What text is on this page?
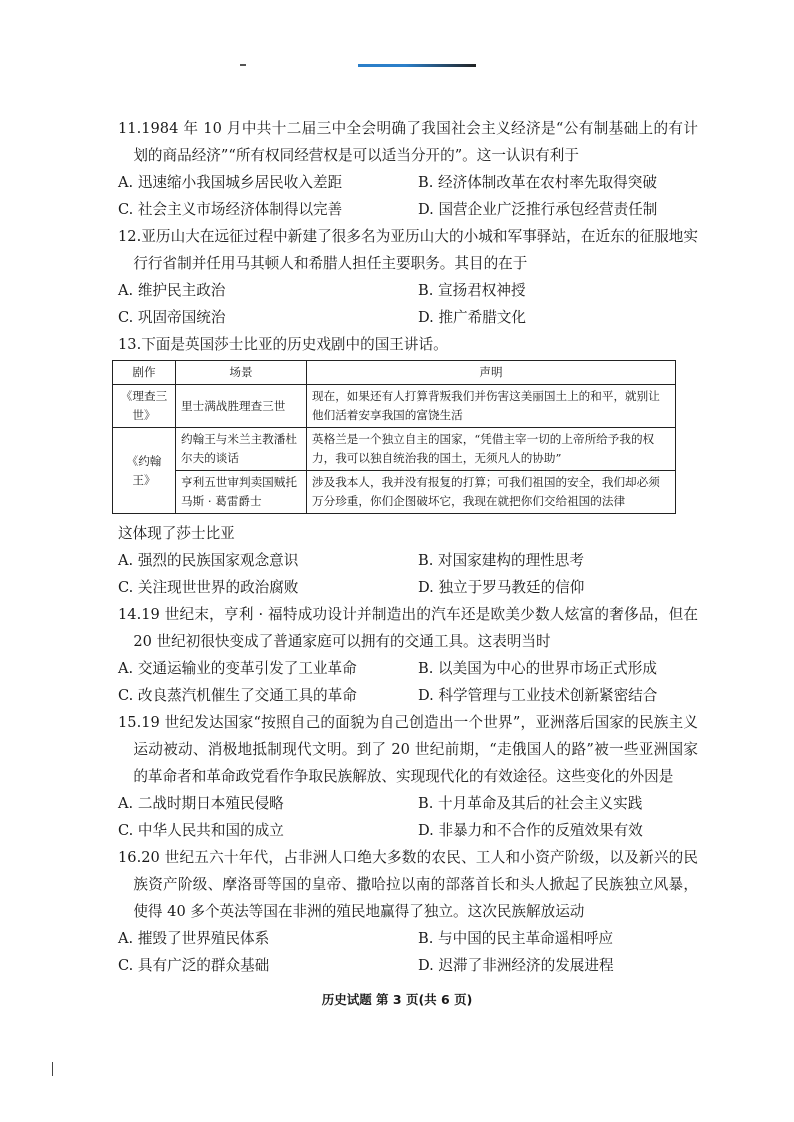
11.1984 年 10 月中共十二届三中全会明确了我国社会主义经济是“公有制基础上的有计划的商品经济”“所有权同经营权是可以适当分开的”。这一认识有利于

A. 迅速缩小我国城乡居民收入差距	B. 经济体制改革在农村率先取得突破
C. 社会主义市场经济体制得以完善	D. 国营企业广泛推行承包经营责任制

12.亚历山大在远征过程中新建了很多名为亚历山大的小城和军事驿站，在近东的征服地实行行省制并任用马其顿人和希腊人担任主要职务。其目的在于

A. 维护民主政治	B. 宣扬君权神授
C. 巩固帝国统治	D. 推广希腊文化

13.下面是英国莎士比亚的历史戏剧中的国王讲话。

剧作	场景	声明
《理查三世》	里士满战胜理查三世	现在，如果还有人打算背叛我们并伤害这美丽国土上的和平，就别让他们活着安享我国的富饶生活
《约翰王》	约翰王与米兰主教潘杜尔夫的谈话	英格兰是一个独立自主的国家，“凭借主宰一切的上帝所给予我的权力，我可以独自统治我的国土，无须凡人的协助”
	亨利五世审判卖国贼托马斯 · 葛雷爵士	涉及我本人，我并没有报复的打算；可我们祖国的安全，我们却必须万分珍重，你们企图破坏它，我现在就把你们交给祖国的法律

这体现了莎士比亚

A. 强烈的民族国家观念意识	B. 对国家建构的理性思考
C. 关注现世世界的政治腐败	D. 独立于罗马教廷的信仰

14.19 世纪末，亨利 · 福特成功设计并制造出的汽车还是欧美少数人炫富的奢侈品，但在 20 世纪初很快变成了普通家庭可以拥有的交通工具。这表明当时

A. 交通运输业的变革引发了工业革命	B. 以美国为中心的世界市场正式形成
C. 改良蒸汽机催生了交通工具的革命	D. 科学管理与工业技术创新紧密结合

15.19 世纪发达国家“按照自己的面貌为自己创造出一个世界”，亚洲落后国家的民族主义运动被动、消极地抵制现代文明。到了 20 世纪前期，“走俄国人的路”被一些亚洲国家的革命者和革命政党看作争取民族解放、实现现代化的有效途径。这些变化的外因是

A. 二战时期日本殖民侵略	B. 十月革命及其后的社会主义实践
C. 中华人民共和国的成立	D. 非暴力和不合作的反殖效果有效

16.20 世纪五六十年代，占非洲人口绝大多数的农民、工人和小资产阶级，以及新兴的民族资产阶级、摩洛哥等国的皇帝、撒哈拉以南的部落首长和头人掀起了民族独立风暴，使得 40 多个英法等国在非洲的殖民地赢得了独立。这次民族解放运动

A. 摧毁了世界殖民体系	B. 与中国的民主革命遥相呼应
C. 具有广泛的群众基础	D. 迟滞了非洲经济的发展进程
历史试题 第 3 页(共 6 页)
